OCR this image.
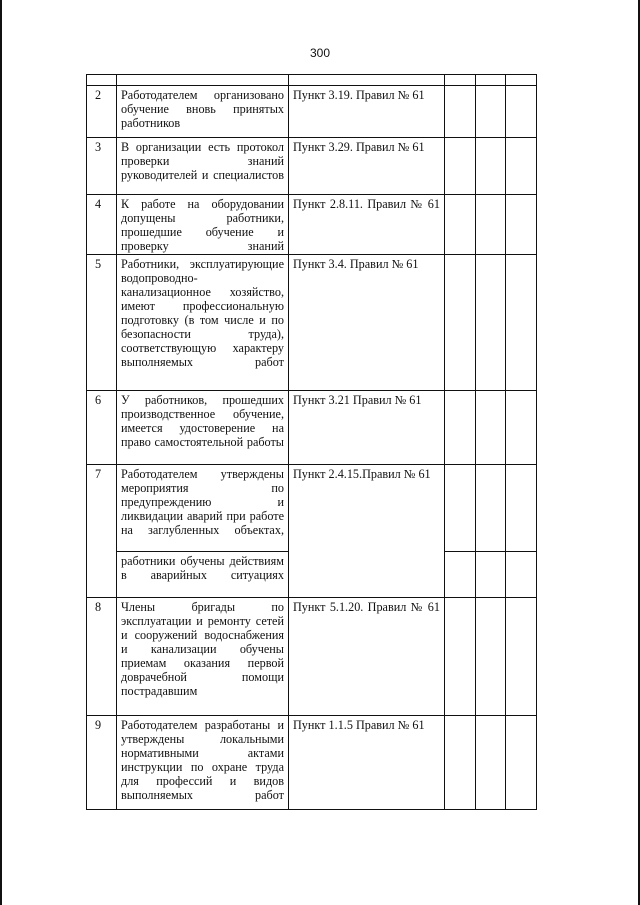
300

2	Работодателем организовано обучение вновь принятых работников	Пункт 3.19. Правил № 61			

3	В организации есть протокол проверки знаний руководителей и специалистов	Пункт 3.29. Правил № 61			

4	К работе на оборудовании допущены работники, прошедшие обучение и проверку знаний	Пункт 2.8.11. Правил № 61			

5	Работники, эксплуатирующие водопроводно-канализационное хозяйство, имеют профессиональную подготовку (в том числе и по безопасности труда), соответствующую характеру выполняемых работ	Пункт 3.4. Правил № 61			

6	У работников, прошедших производственное обучение, имеется удостоверение на право самостоятельной работы	Пункт 3.21 Правил № 61			

7	Работодателем утверждены мероприятия по предупреждению и ликвидации аварий при работе на заглубленных объектах,	Пункт 2.4.15.Правил № 61			

	работники обучены действиям в аварийных ситуациях				

8	Члены бригады по эксплуатации и ремонту сетей и сооружений водоснабжения и канализации обучены приемам оказания первой доврачебной помощи пострадавшим	Пункт 5.1.20. Правил № 61			

9	Работодателем разработаны и утверждены локальными нормативными актами инструкции по охране труда для профессий и видов выполняемых работ	Пункт 1.1.5 Правил № 61			
